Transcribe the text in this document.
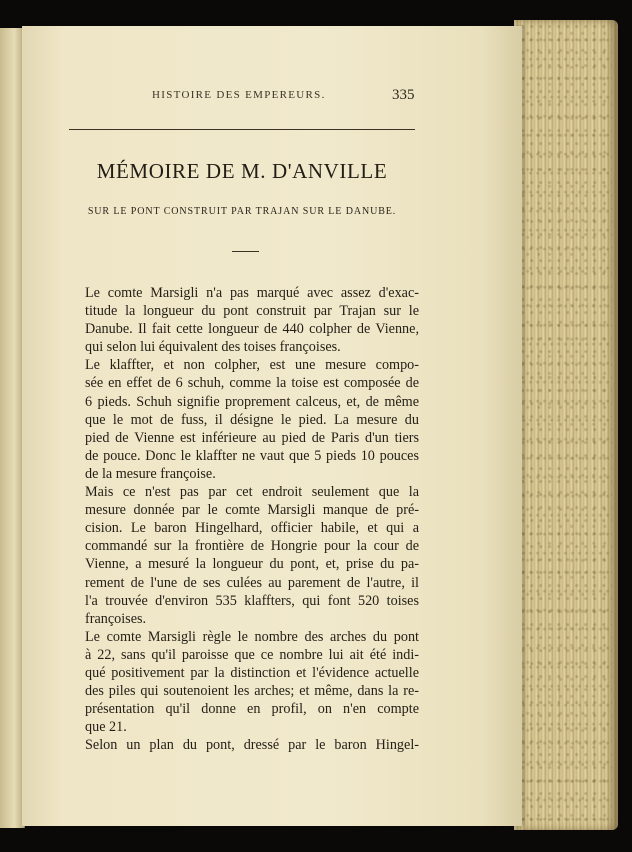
HISTOIRE DES EMPEREURS.	335
MÉMOIRE DE M. D'ANVILLE
SUR LE PONT CONSTRUIT PAR TRAJAN SUR LE DANUBE.
Le comte Marsigli n'a pas marqué avec assez d'exac-
titude la longueur du pont construit par Trajan sur le
Danube. Il fait cette longueur de 440 colpher de Vienne,
qui selon lui équivalent des toises françoises.
Le klaffter, et non colpher, est une mesure compo-
sée en effet de 6 schuh, comme la toise est composée de
6 pieds. Schuh signifie proprement calceus, et, de même
que le mot de fuss, il désigne le pied. La mesure du
pied de Vienne est inférieure au pied de Paris d'un tiers
de pouce. Donc le klaffter ne vaut que 5 pieds 10 pouces
de la mesure françoise.
Mais ce n'est pas par cet endroit seulement que la
mesure donnée par le comte Marsigli manque de pré-
cision. Le baron Hingelhard, officier habile, et qui a
commandé sur la frontière de Hongrie pour la cour de
Vienne, a mesuré la longueur du pont, et, prise du pa-
rement de l'une de ses culées au parement de l'autre, il
l'a trouvée d'environ 535 klaffters, qui font 520 toises
françoises.
Le comte Marsigli règle le nombre des arches du pont
à 22, sans qu'il paroisse que ce nombre lui ait été indi-
qué positivement par la distinction et l'évidence actuelle
des piles qui soutenoient les arches; et même, dans la re-
présentation qu'il donne en profil, on n'en compte
que 21.
Selon un plan du pont, dressé par le baron Hingel-
